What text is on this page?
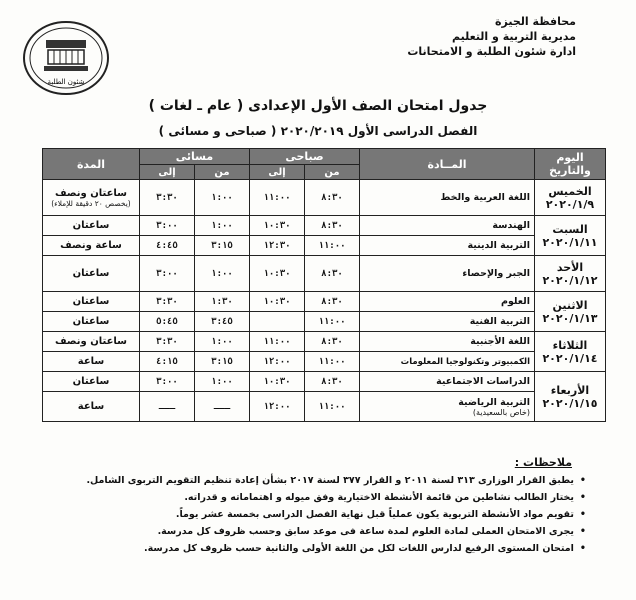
محافظة الجيزة
مديرية التربية و التعليم
ادارة شئون الطلبة و الامتحانات
شئون الطلبة
جدول امتحان الصف الأول الإعدادى ( عام ـ لغات )
الفصل الدراسى الأول ٢٠٢٠/٢٠١٩ ( صباحى و مسائى )
اليوم والتاريخ	المــادة	صباحى		مسائى		المدة
		من	إلى	من	إلى	

الخميس
٢٠٢٠/١/٩	اللغة العربية والخط	٨:٣٠	١١:٠٠	١:٠٠	٣:٣٠	ساعتان ونصف
(يخصص ٢٠ دقيقة للإملاء)

السبت
٢٠٢٠/١/١١	الهندسة	٨:٣٠	١٠:٣٠	١:٠٠	٣:٠٠	ساعتان
	التربية الدينية	١١:٠٠	١٢:٣٠	٣:١٥	٤:٤٥	ساعة ونصف

الأحد
٢٠٢٠/١/١٢	الجبر والإحصاء	٨:٣٠	١٠:٣٠	١:٠٠	٣:٠٠	ساعتان

الاثنين
٢٠٢٠/١/١٣	العلوم	٨:٣٠	١٠:٣٠	١:٣٠	٣:٣٠	ساعتان
	التربية الفنية	١١:٠٠		٣:٤٥	٥:٤٥	ساعتان

الثلاثاء
٢٠٢٠/١/١٤	اللغة الأجنبية	٨:٣٠	١١:٠٠	١:٠٠	٣:٣٠	ساعتان ونصف
	الكمبيوتر وتكنولوجيا المعلومات	١١:٠٠	١٢:٠٠	٣:١٥	٤:١٥	ساعة

الأربعاء
٢٠٢٠/١/١٥	الدراسات الاجتماعية	٨:٣٠	١٠:٣٠	١:٠٠	٣:٠٠	ساعتان
	التربية الرياضية
(خاص بالسعيدية)	١١:٠٠	١٢:٠٠	ـــ	ـــ	ساعة
ملاحظات :
• يطبق القرار الوزارى ٣١٣ لسنة ٢٠١١ و القرار ٣٧٧ لسنة ٢٠١٧ بشأن إعادة تنظيم التقويم التربوى الشامل.
• يختار الطالب نشاطين من قائمة الأنشطة الاختيارية وفق ميوله و اهتماماته و قدراته.
• تقويم مواد الأنشطة التربوية يكون عملياً قبل نهاية الفصل الدراسى بخمسة عشر يوماً.
• يجرى الامتحان العملى لمادة العلوم لمدة ساعة فى موعد سابق وحسب ظروف كل مدرسة.
• امتحان المستوى الرفيع لدارس اللغات لكل من اللغة الأولى والثانية حسب ظروف كل مدرسة.
